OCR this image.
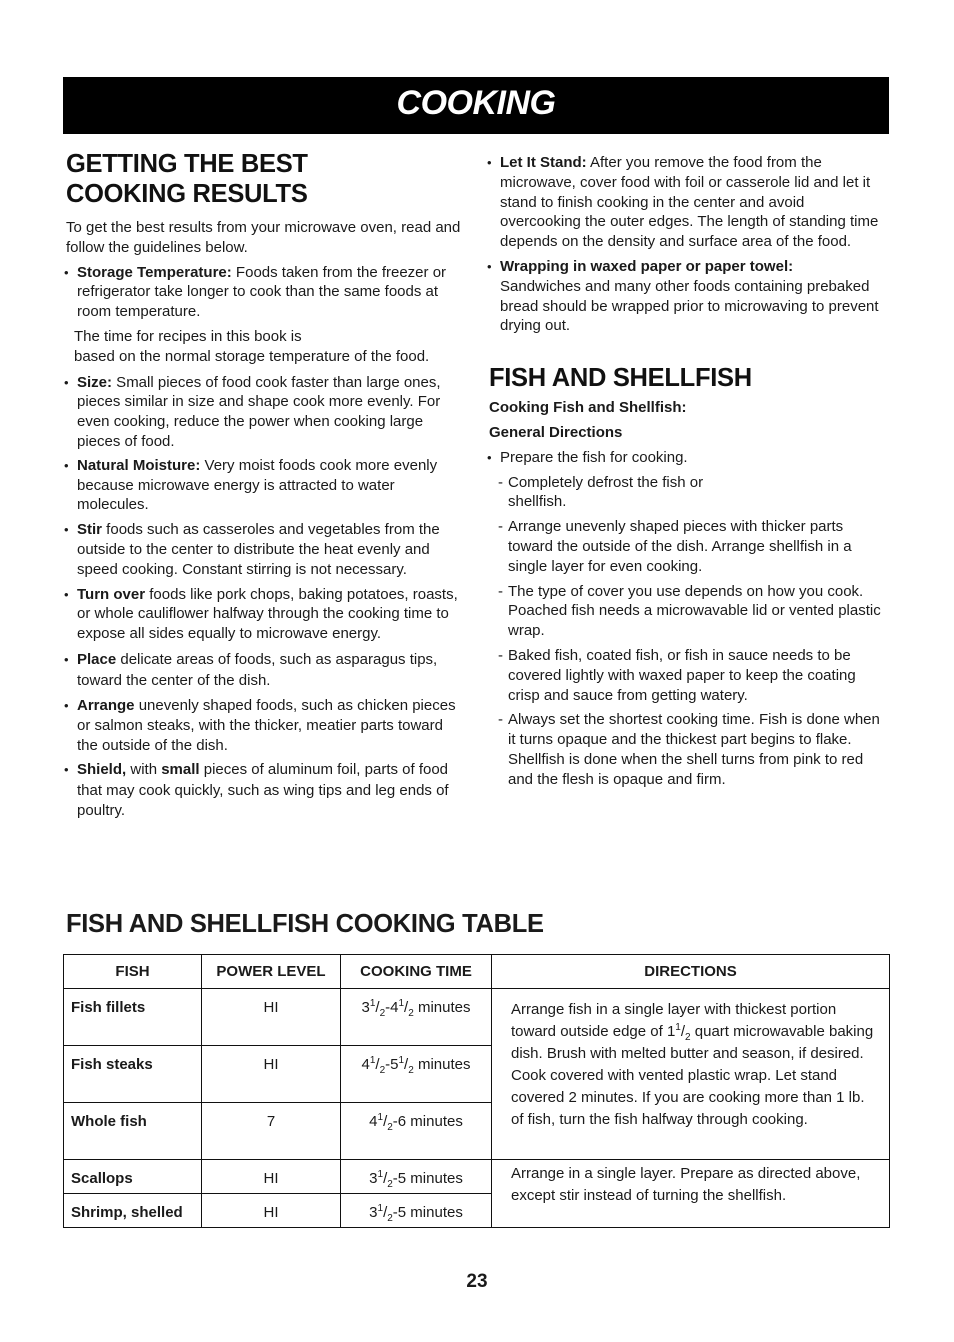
COOKING
GETTING THE BEST
COOKING RESULTS

To get the best results from your microwave oven, read and follow the guidelines below.

• Storage Temperature: Foods taken from the freezer or refrigerator take longer to cook than the same foods at room temperature.

The time for recipes in this book is
based on the normal storage temperature of the food.

• Size: Small pieces of food cook faster than large ones, pieces similar in size and shape cook more evenly. For even cooking, reduce the power when cooking large pieces of food.
• Natural Moisture: Very moist foods cook more evenly because microwave energy is attracted to water molecules.
• Stir foods such as casseroles and vegetables from the outside to the center to distribute the heat evenly and speed cooking. Constant stirring is not necessary.
• Turn over foods like pork chops, baking potatoes, roasts, or whole cauliflower halfway through the cooking time to expose all sides equally to microwave energy.
• Place delicate areas of foods, such as asparagus tips, toward the center of the dish.
• Arrange unevenly shaped foods, such as chicken pieces or salmon steaks, with the thicker, meatier parts toward the outside of the dish.
• Shield, with small pieces of aluminum foil, parts of food that may cook quickly, such as wing tips and leg ends of poultry.
• Let It Stand: After you remove the food from the microwave, cover food with foil or casserole lid and let it stand to finish cooking in the center and avoid overcooking the outer edges. The length of standing time depends on the density and surface area of the food.
• Wrapping in waxed paper or paper towel:
Sandwiches and many other foods containing prebaked bread should be wrapped prior to microwaving to prevent drying out.
FISH AND SHELLFISH
Cooking Fish and Shellfish:
General Directions
• Prepare the fish for cooking.
- Completely defrost the fish or shellfish.
- Arrange unevenly shaped pieces with thicker parts toward the outside of the dish. Arrange shellfish in a single layer for even cooking.
- The type of cover you use depends on how you cook. Poached fish needs a microwavable lid or vented plastic wrap.
- Baked fish, coated fish, or fish in sauce needs to be covered lightly with waxed paper to keep the coating crisp and sauce from getting watery.
- Always set the shortest cooking time. Fish is done when it turns opaque and the thickest part begins to flake. Shellfish is done when the shell turns from pink to red and the flesh is opaque and firm.
FISH AND SHELLFISH COOKING TABLE
FISH	POWER LEVEL	COOKING TIME	DIRECTIONS
Fish fillets	HI	$3^1/_2-4^1/_2$ minutes	Arrange fish in a single layer with thickest portion toward outside edge of $1^1/_2$ quart microwavable baking dish. Brush with melted butter and season, if desired. Cook covered with vented plastic wrap. Let stand covered 2 minutes. If you are cooking more than 1 lb. of fish, turn the fish halfway through cooking.
Fish steaks	HI	$4^1/_2-5^1/_2$ minutes	
Whole fish	7	$4^1/_2-6$ minutes	
Scallops	HI	$3^1/_2-5$ minutes	Arrange in a single layer. Prepare as directed above, except stir instead of turning the shellfish.
Shrimp, shelled	HI	$3^1/_2-5$ minutes	
23
